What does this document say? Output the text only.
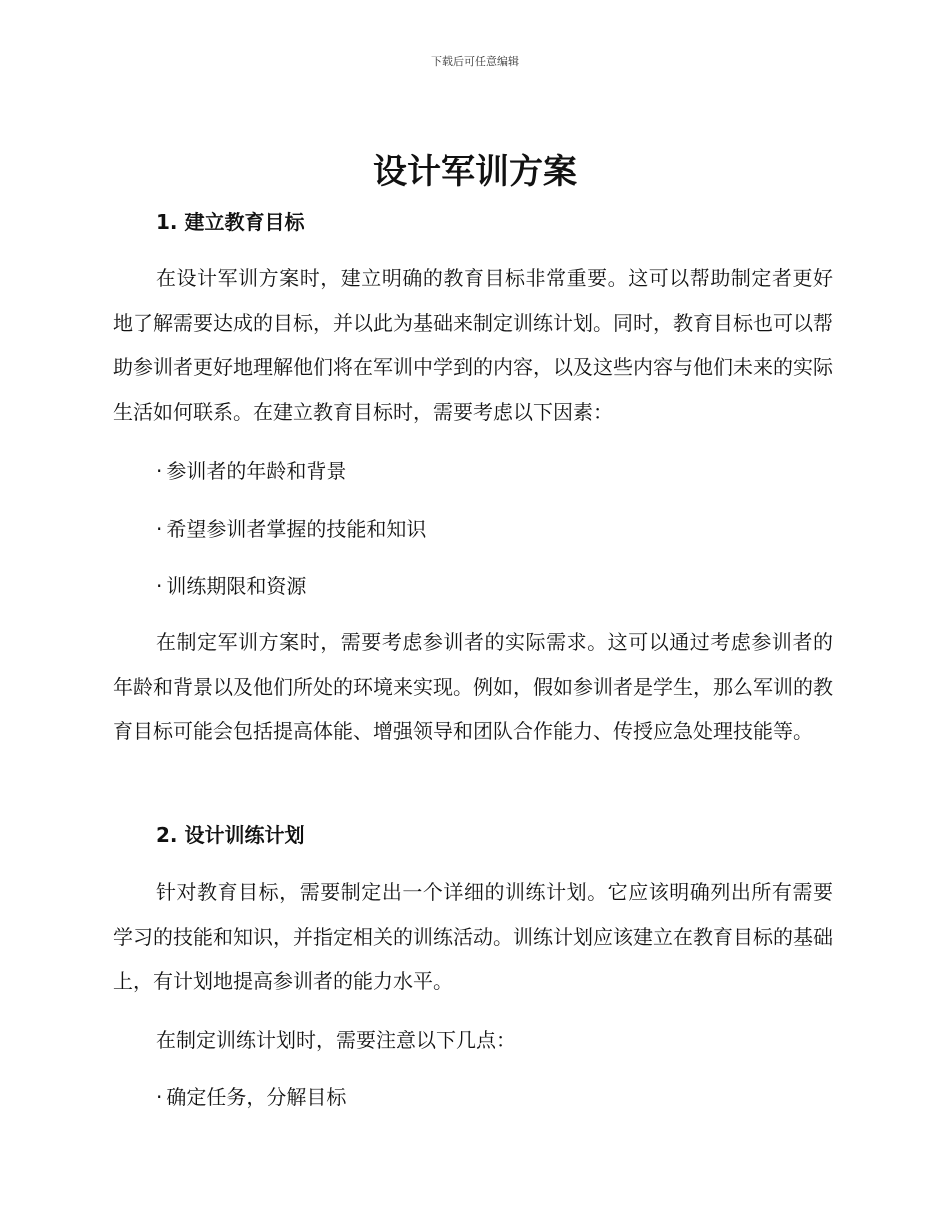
下载后可任意编辑
设计军训方案
1. 建立教育目标

在设计军训方案时，建立明确的教育目标非常重要。这可以帮助制定者更好地了解需要达成的目标，并以此为基础来制定训练计划。同时，教育目标也可以帮助参训者更好地理解他们将在军训中学到的内容，以及这些内容与他们未来的实际生活如何联系。在建立教育目标时，需要考虑以下因素：

· 参训者的年龄和背景
· 希望参训者掌握的技能和知识
· 训练期限和资源

在制定军训方案时，需要考虑参训者的实际需求。这可以通过考虑参训者的年龄和背景以及他们所处的环境来实现。例如，假如参训者是学生，那么军训的教育目标可能会包括提高体能、增强领导和团队合作能力、传授应急处理技能等。

2. 设计训练计划

针对教育目标，需要制定出一个详细的训练计划。它应该明确列出所有需要学习的技能和知识，并指定相关的训练活动。训练计划应该建立在教育目标的基础上，有计划地提高参训者的能力水平。

在制定训练计划时，需要注意以下几点：

· 确定任务，分解目标
